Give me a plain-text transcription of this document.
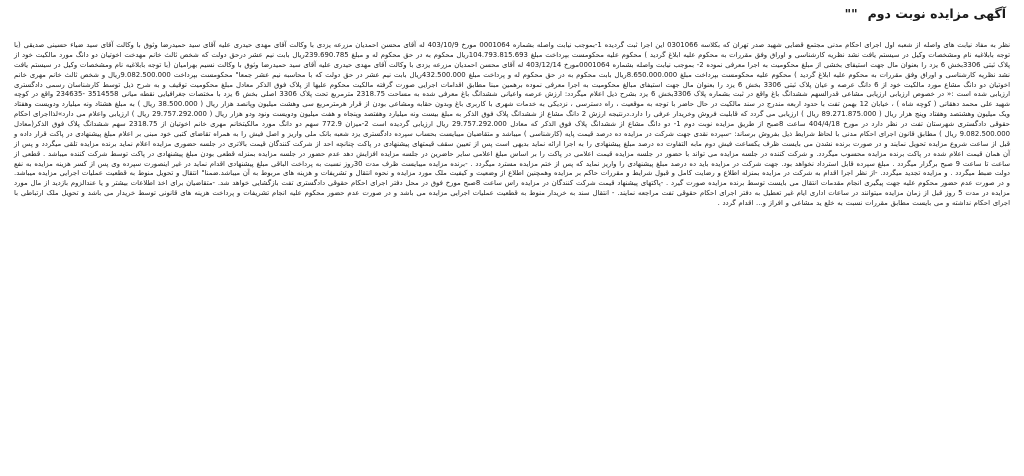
آگهی مزایده نوبت دوم""
نظر به مفاد نیابت های واصله از شعبه اول اجرای احکام مدنی مجتمع قضایی شهید صدر تهران که بکلاسه 0301066 این اجرا ثبت گردیده 1-بموجب نیابت واصله بشماره 0001064 مورخ 403/10/9 له آقای محسن احمدیان مزرعه یزدی با وکالت آقای مهدی حیدری علیه آقای سید حمیدرضا وثوق با وکالت آقای سید ضیاء حسینی صدیقی (با توجه بابلاغیه نام ومشخصات وکیل در سیستم یافت نشد نظریه کارشناسی و اوراق وفق مقررات به محکوم علیه ابلاغ گردید ) محکوم علیه محکومست بپرداخت مبلغ 104.793.815.693ریال محکوم به در حق محکوم له و مبلغ 239.690.785ریال بابت نیم عشر درحق دولت که شخص ثالث خانم مهدخت اخوتیان دو دانگ مورد مالکیت خود از پلاک ثبتی 3306بخش 6 یزد را بعنوان مال جهت استیفای بخشی از مبلغ محکومیت به اجرا معرفی نموده 2- بموجب نیابت واصله بشماره 0001064مورخ 403/12/14 له آقای محسن احمدیان مزرعه یزدی با وکالت آقای مهدی حیدری علیه آقای سید حمیدرضا وثوق با وکالت نسیم بهرامیان (با توجه بابلاغیه نام ومشخصات وکیل در سیستم یافت نشد نظریه کارشناسی و اوراق وفق مقررات به محکوم علیه ابلاغ گردید ) محکوم علیه محکومست بپرداخت مبلغ 8.650.000.000ریال بابت محکوم به در حق محکوم له و پرداخت مبلغ 432.500.000ریال بابت نیم عشر در حق دولت که با محاسبه نیم عشر جمعا" محکومست بپرداخت 9.082.500.000ریال و شخص ثالث خانم مهری خانم اخوتیان دو دانگ مشاع مورد مالکیت خود از 6 دانگ عرصه و عیان پلاک ثبتی 3306 بخش 6 یزد را بعنوان مال جهت استیفای مبالغ محکومیت به اجرا معرفی نموده برهمین مبنا مطابق اقدامات اجرایی صورت گرفته مالکیت محکوم علیها از پلاک فوق الذکر معادل مبلغ محکومیت توقیف و به شرح ذیل توسط کارشناسان رسمی دادگستری ارزیابی شده است :« در خصوص ارزیابی ارزیابی مشاعی قدرالسهم ششدانگ باغ واقع در ثبت بشماره پلاک 3306بخش 6 یزد بشرح ذیل اعلام میگردد: ارزش عرصه واعیانی ششدانگ باغ معرفی شده به مساحت 2318.75 مترمربع تحت پلاک 3306 اصلی بخش 6 یزد با مختصات جغرافیایی نقطه میانی 3514558 -234635 واقع در کوچه شهید علی محمد دهقانی ( کوچه شاه ) ، خیابان 12 بهمن تفت با حدود اربعه مندرج در سند مالکیت در حال حاضر با توجه به موقعیت ، راه دسترسی ، نزدیکی به خدمات شهری با کاربری باغ وبدون حقابه ومشاعی بودن از قرار هرمترمربع سی وهشت میلیون وپانصد هزار ریال ( 38.500.000 ریال ) به مبلغ هشتاد ونه میلیارد ودویست وهفتاد ویک میلیون وهشتصد وهفتاد وپنج هزار ریال ( 89.271.875.000 ریال ) ارزیابی می گردد که قابلیت فروش وخریدار عرفی را دارد.درنتیجه ارزش 2 دانگ مشاع از ششدانگ پلاک فوق الذکر به مبلغ بیست ونه میلیارد وهفتصد وپنجاه و هفت میلیون ودویست ونود ودو هزار ریال ( 29.757.292.000 ریال ) ارزیابی واعلام می دارد»لذااجرای احکام حقوقی دادگستری شهرستان تفت در نظر دارد در مورخ 404/4/18 ساعت 8صبح از طریق مزایده نوبت دوم 1- دو دانگ مشاع از ششدانگ پلاک فوق الذکر که معادل 29.757.292.000 ریال ارزیابی گردیده است 2-میزان 772.9 سهم دو دانگ مورد مالکیتخانم مهری خانم اخوتیان از 2318.75 سهم ششدانگ پلاک فوق الذکر(معادل 9.082.500.000 ریال ) مطابق قانون اجرای احکام مدنی با لحاظ شرایط ذیل بفروش برساند: -سپرده نقدی جهت شرکت در مزایده ده درصد قیمت پایه (کارشناسی ) میباشد و متقاضیان میبایست بحساب سپرده دادگستری یزد شعبه بانک ملی واریز و اصل فیش را به همراه تقاضای کتبی خود مبنی بر اعلام مبلغ پیشنهادی در پاکت قرار داده و قبل از ساعت شروع مزایده تحویل نمایند و در صورت برنده نشدن می بایست ظرف یکساعت فیش دوم مابه التفاوت ده درصد مبلغ پیشنهادی را به اجرا ارائه نماید بدیهی است پس از تعیین سقف قیمتهای پیشنهادی در پاکت چنانچه احد از شرکت کنندگان قیمت بالاتری در جلسه حضوری مزایده اعلام نماید برنده مزایده تلقی میگردد و پس از آن همان قیمت اعلام شده در پاکت برنده مزایده محسوب میگردد. و شرکت کننده در جلسه مزایده می تواند با حضور در جلسه مزایده قیمت اعلامی در پاکت را بر اساس مبلغ اعلامی سایر حاضرین در جلسه مزایده افزایش دهد عدم حضور در جلسه مزایده بمنزله قطعی بودن مبلغ پیشنهادی در پاکت توسط شرکت کننده میباشد . قطعی از ساعت تا ساعت 9 صبح برگزار میگردد . مبلغ سپرده قابل استرداد نخواهد بود. جهت شرکت در مزایده باید ده درصد مبلغ پیشنهادی را واریز نماید که پس از ختم مزایده مسترد میگردد . -برنده مزایده میبایست ظرف مدت 30روز نسبت به پرداخت الباقی مبلغ پیشنهادی اقدام نماید در غیر اینصورت سپرده وی پس از کسر هزینه مزایده به نفع دولت ضبط میگردد . و مزایده تجدید میگردد. -از نظر اجرا اقدام به شرکت در مزایده بمنزله اطلاع و رضایت کامل و قبول شرایط و مقررات حاکم بر مزایده وهمچنین اطلاع از وضعیت و کیفیت ملک مورد مزایده و نحوه انتقال و تشریفات و هزینه های مربوط به آن میباشد.ضمنا" انتقال و تحویل منوط به قطعیت عملیات اجرایی مزایده میباشد. و در صورت عدم حضور محکوم علیه جهت پیگیری انجام مقدمات انتقال می بایست توسط برنده مزایده صورت گیرد . -پاکتهای پیشنهاد قیمت شرکت کنندگان در مزایده راس ساعت 8صبح مورخ فوق در محل دفتر اجرای احکام حقوقی دادگستری تفت بازگشایی خواهد شد. -متقاضیان برای اخذ اطلاعات بیشتر و یا عندالزوم بازدید از مال مورد مزایده در مدت 5 روز قبل از زمان مزایده میتوانند در ساعات اداری ایام غیر تعطیل به دفتر اجرای احکام حقوقی تفت مراجعه نمایند. - انتقال سند به خریدار منوط به قطعیت عملیات اجرایی مزایده می باشد و در صورت عدم حضور محکوم علیه انجام تشریفات و پرداخت هزینه های قانونی توسط خریدار می باشد و تحویل ملک ارتباطی با اجرای احکام نداشته و می بایست مطابق مقررات نسبت به خلع ید مشاعی و افراز و... اقدام گردد .
